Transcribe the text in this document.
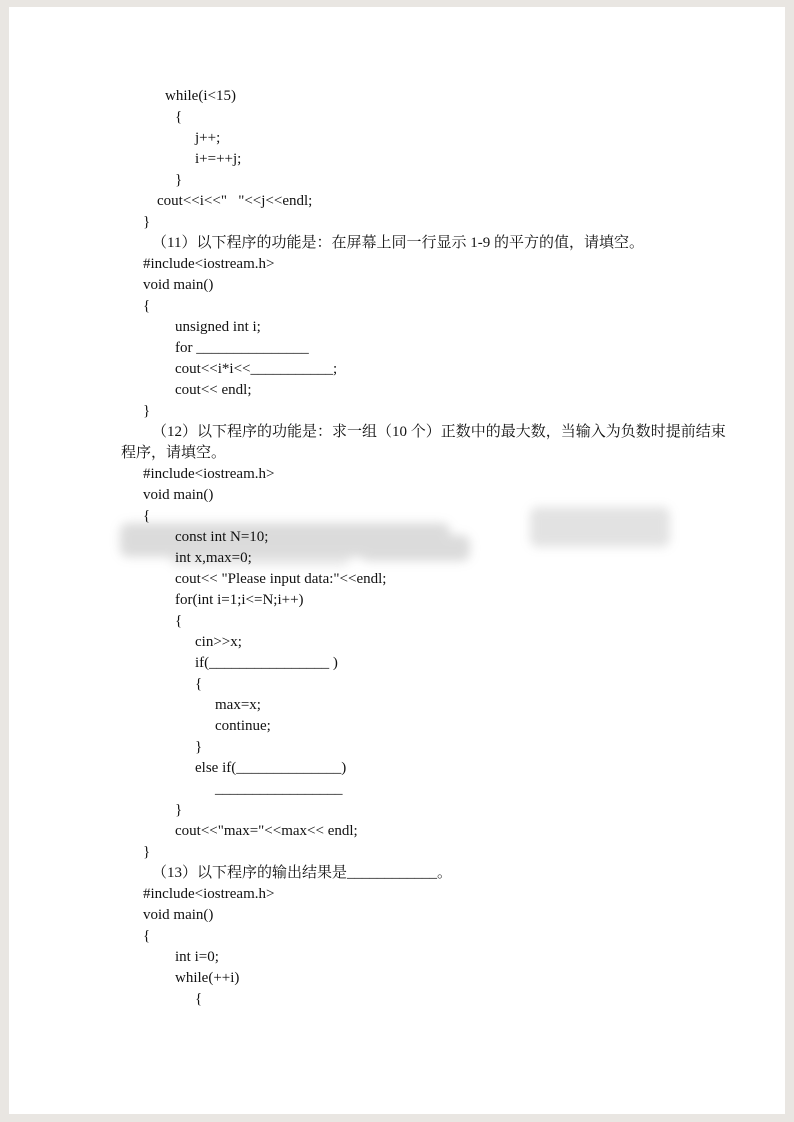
while(i<15)
{
j++;
i+=++j;
}
cout<<i<<"   "<<j<<endl;
}
（11）以下程序的功能是：在屏幕上同一行显示 1-9 的平方的值，请填空。
#include<iostream.h>
void main()
{
unsigned int i;
for _______________
cout<<i*i<<___________;
cout<< endl;
}
（12）以下程序的功能是：求一组（10 个）正数中的最大数，当输入为负数时提前结束
程序，请填空。
#include<iostream.h>
void main()
{
const int N=10;
int x,max=0;
cout<< "Please input data:"<<endl;
for(int i=1;i<=N;i++)
{
cin>>x;
if(________________ )
{
max=x;
continue;
}
else if(______________)
_________________
}
cout<<"max="<<max<< endl;
}
（13）以下程序的输出结果是____________。
#include<iostream.h>
void main()
{
int i=0;
while(++i)
{
